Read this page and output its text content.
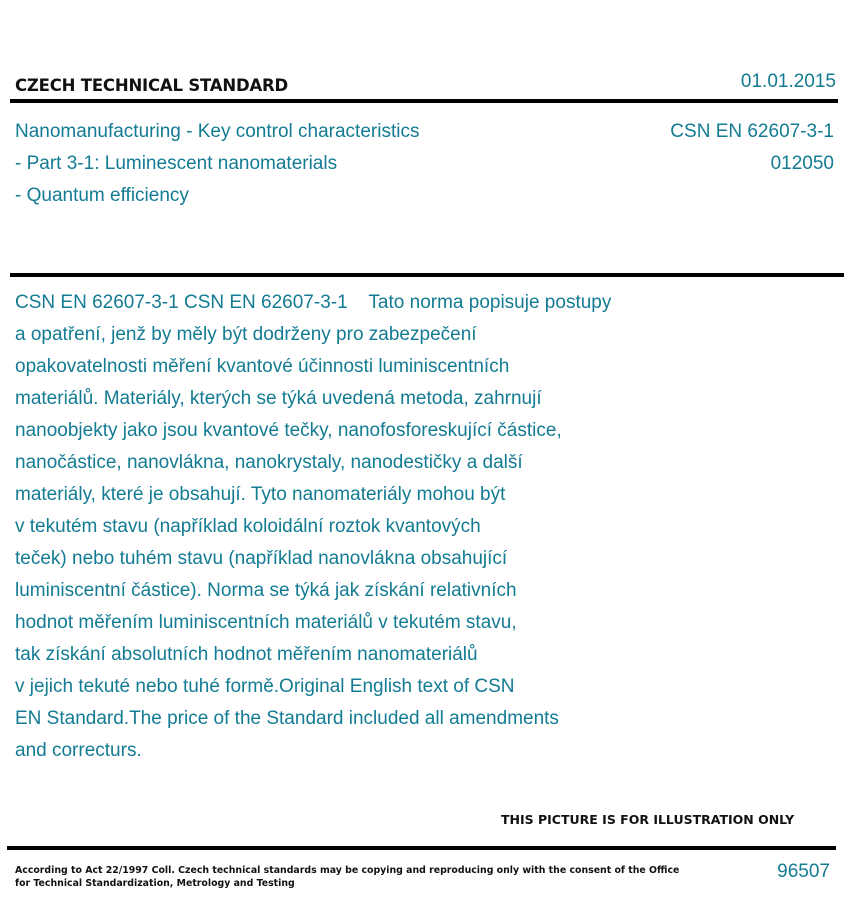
CZECH TECHNICAL STANDARD	01.01.2015
Nanomanufacturing - Key control characteristics
- Part 3-1: Luminescent nanomaterials
- Quantum efficiency
CSN EN 62607-3-1
012050
CSN EN 62607-3-1 CSN EN 62607-3-1    Tato norma popisuje postupy
a opatření, jenž by měly být dodrženy pro zabezpečení
opakovatelnosti měření kvantové účinnosti luminiscentních
materiálů. Materiály, kterých se týká uvedená metoda, zahrnují
nanoobjekty jako jsou kvantové tečky, nanofosforeskující částice,
nanočástice, nanovlákna, nanokrystaly, nanodestičky a další
materiály, které je obsahují. Tyto nanomateriály mohou být
v tekutém stavu (například koloidální roztok kvantových
teček) nebo tuhém stavu (například nanovlákna obsahující
luminiscentní částice). Norma se týká jak získání relativních
hodnot měřením luminiscentních materiálů v tekutém stavu,
tak získání absolutních hodnot měřením nanomateriálů
v jejich tekuté nebo tuhé formě.Original English text of CSN
EN Standard.The price of the Standard included all amendments
and correcturs.
THIS PICTURE IS FOR ILLUSTRATION ONLY
According to Act 22/1997 Coll. Czech technical standards may be copying and reproducing only with the consent of the Office
for Technical Standardization, Metrology and Testing
96507
